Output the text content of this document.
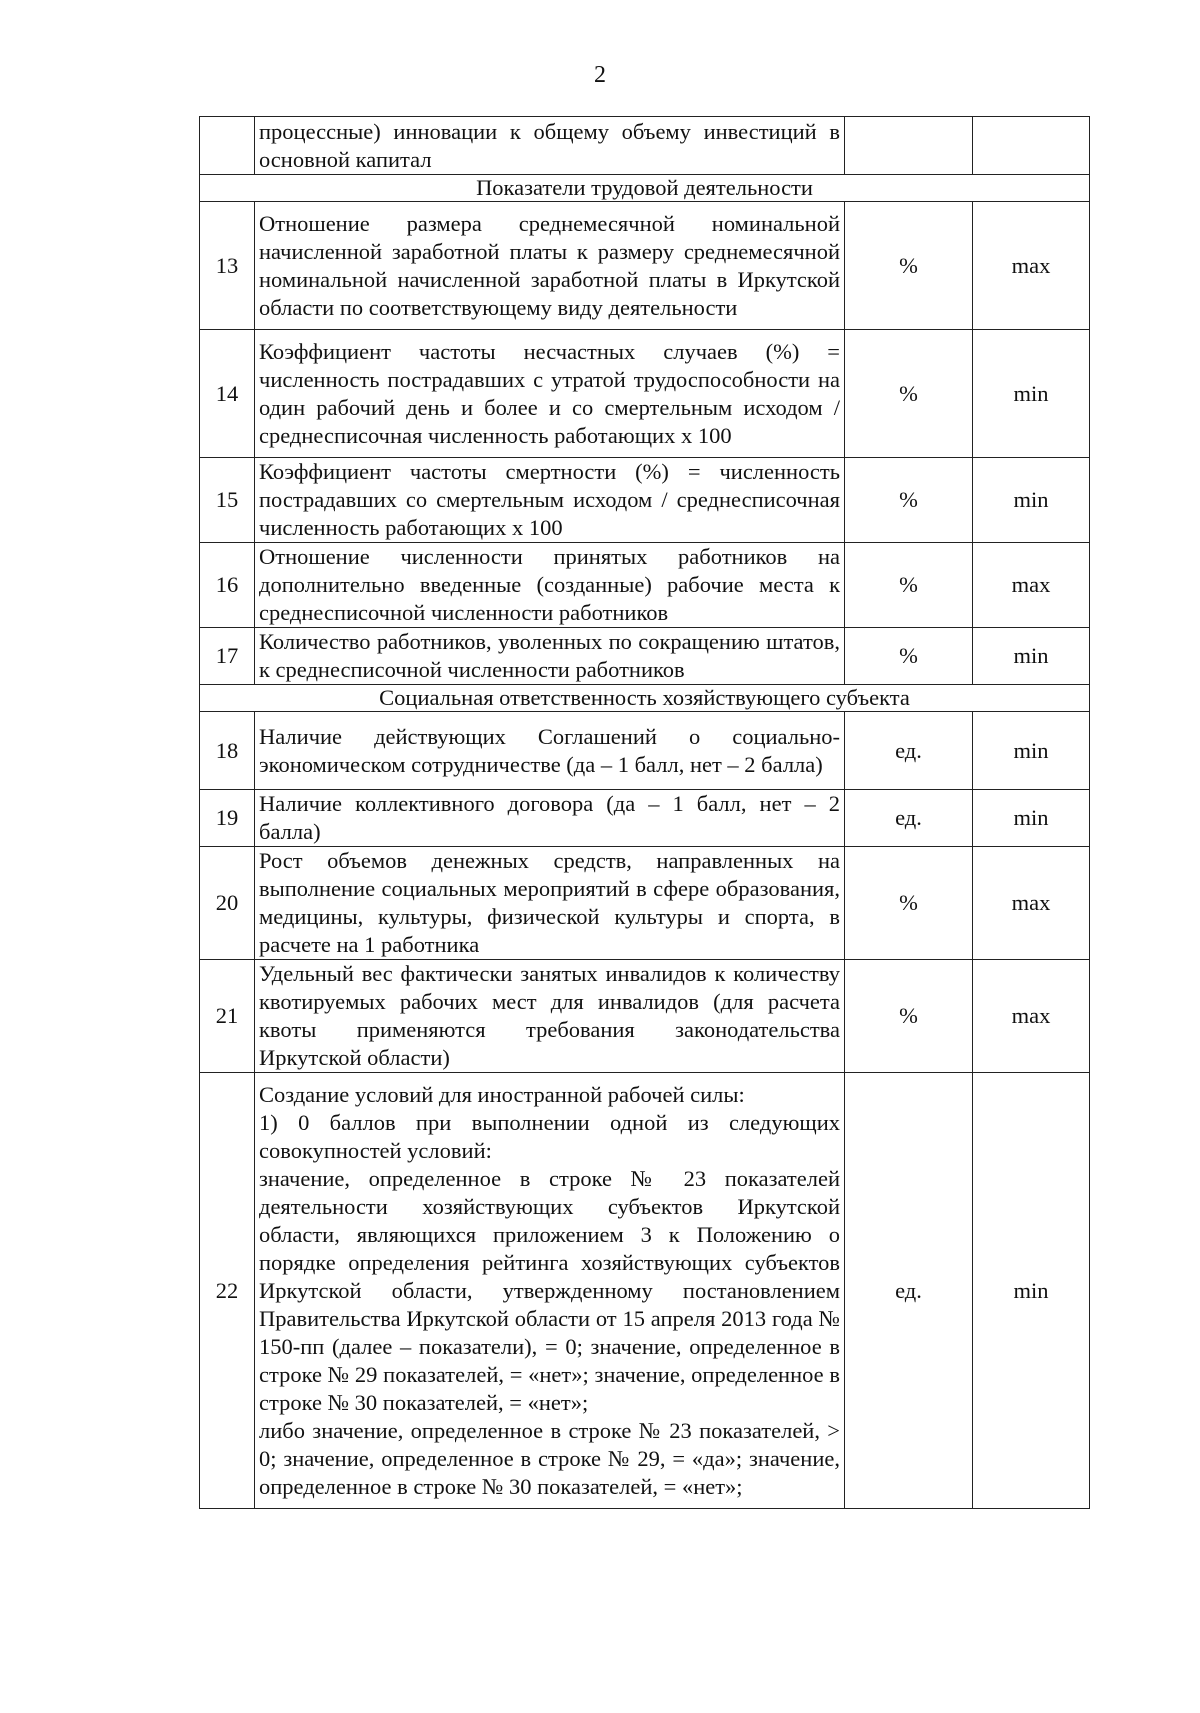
2

	процессные) инновации к общему объему инвестиций в основной капитал		

Показатели трудовой деятельности			
13	Отношение размера среднемесячной номинальной начисленной заработной платы к размеру среднемесячной номинальной начисленной заработной платы в Иркутской области по соответствующему виду деятельности	%	max
14	Коэффициент частоты несчастных случаев (%) = численность пострадавших с утратой трудоспособности на один рабочий день и более и со смертельным исходом / среднесписочная численность работающих х 100	%	min
15	Коэффициент частоты смертности (%) = численность пострадавших со смертельным исходом / среднесписочная численность работающих х 100	%	min
16	Отношение численности принятых работников на дополнительно введенные (созданные) рабочие места к среднесписочной численности работников	%	max
17	Количество работников, уволенных по сокращению штатов, к среднесписочной численности работников	%	min
Социальная ответственность хозяйствующего субъекта			
18	Наличие действующих Соглашений о социально-экономическом сотрудничестве (да – 1 балл, нет – 2 балла)	ед.	min
19	Наличие коллективного договора (да – 1 балл, нет – 2 балла)	ед.	min
20	Рост объемов денежных средств, направленных на выполнение социальных мероприятий в сфере образования, медицины, культуры, физической культуры и спорта, в расчете на 1 работника	%	max
21	Удельный вес фактически занятых инвалидов к количеству квотируемых рабочих мест для инвалидов (для расчета квоты применяются требования законодательства Иркутской области)	%	max
22	Создание условий для иностранной рабочей силы:
1) 0 баллов при выполнении одной из следующих совокупностей условий:
значение, определенное в строке № 23 показателей деятельности хозяйствующих субъектов Иркутской области, являющихся приложением 3 к Положению о порядке определения рейтинга хозяйствующих субъектов Иркутской области, утвержденному постановлением Правительства Иркутской области от 15 апреля 2013 года № 150-пп (далее – показатели), = 0; значение, определенное в строке № 29 показателей, = «нет»; значение, определенное в строке № 30 показателей, = «нет»;
либо значение, определенное в строке № 23 показателей, > 0; значение, определенное в строке № 29, = «да»; значение, определенное в строке № 30 показателей, = «нет»;	ед.	min
